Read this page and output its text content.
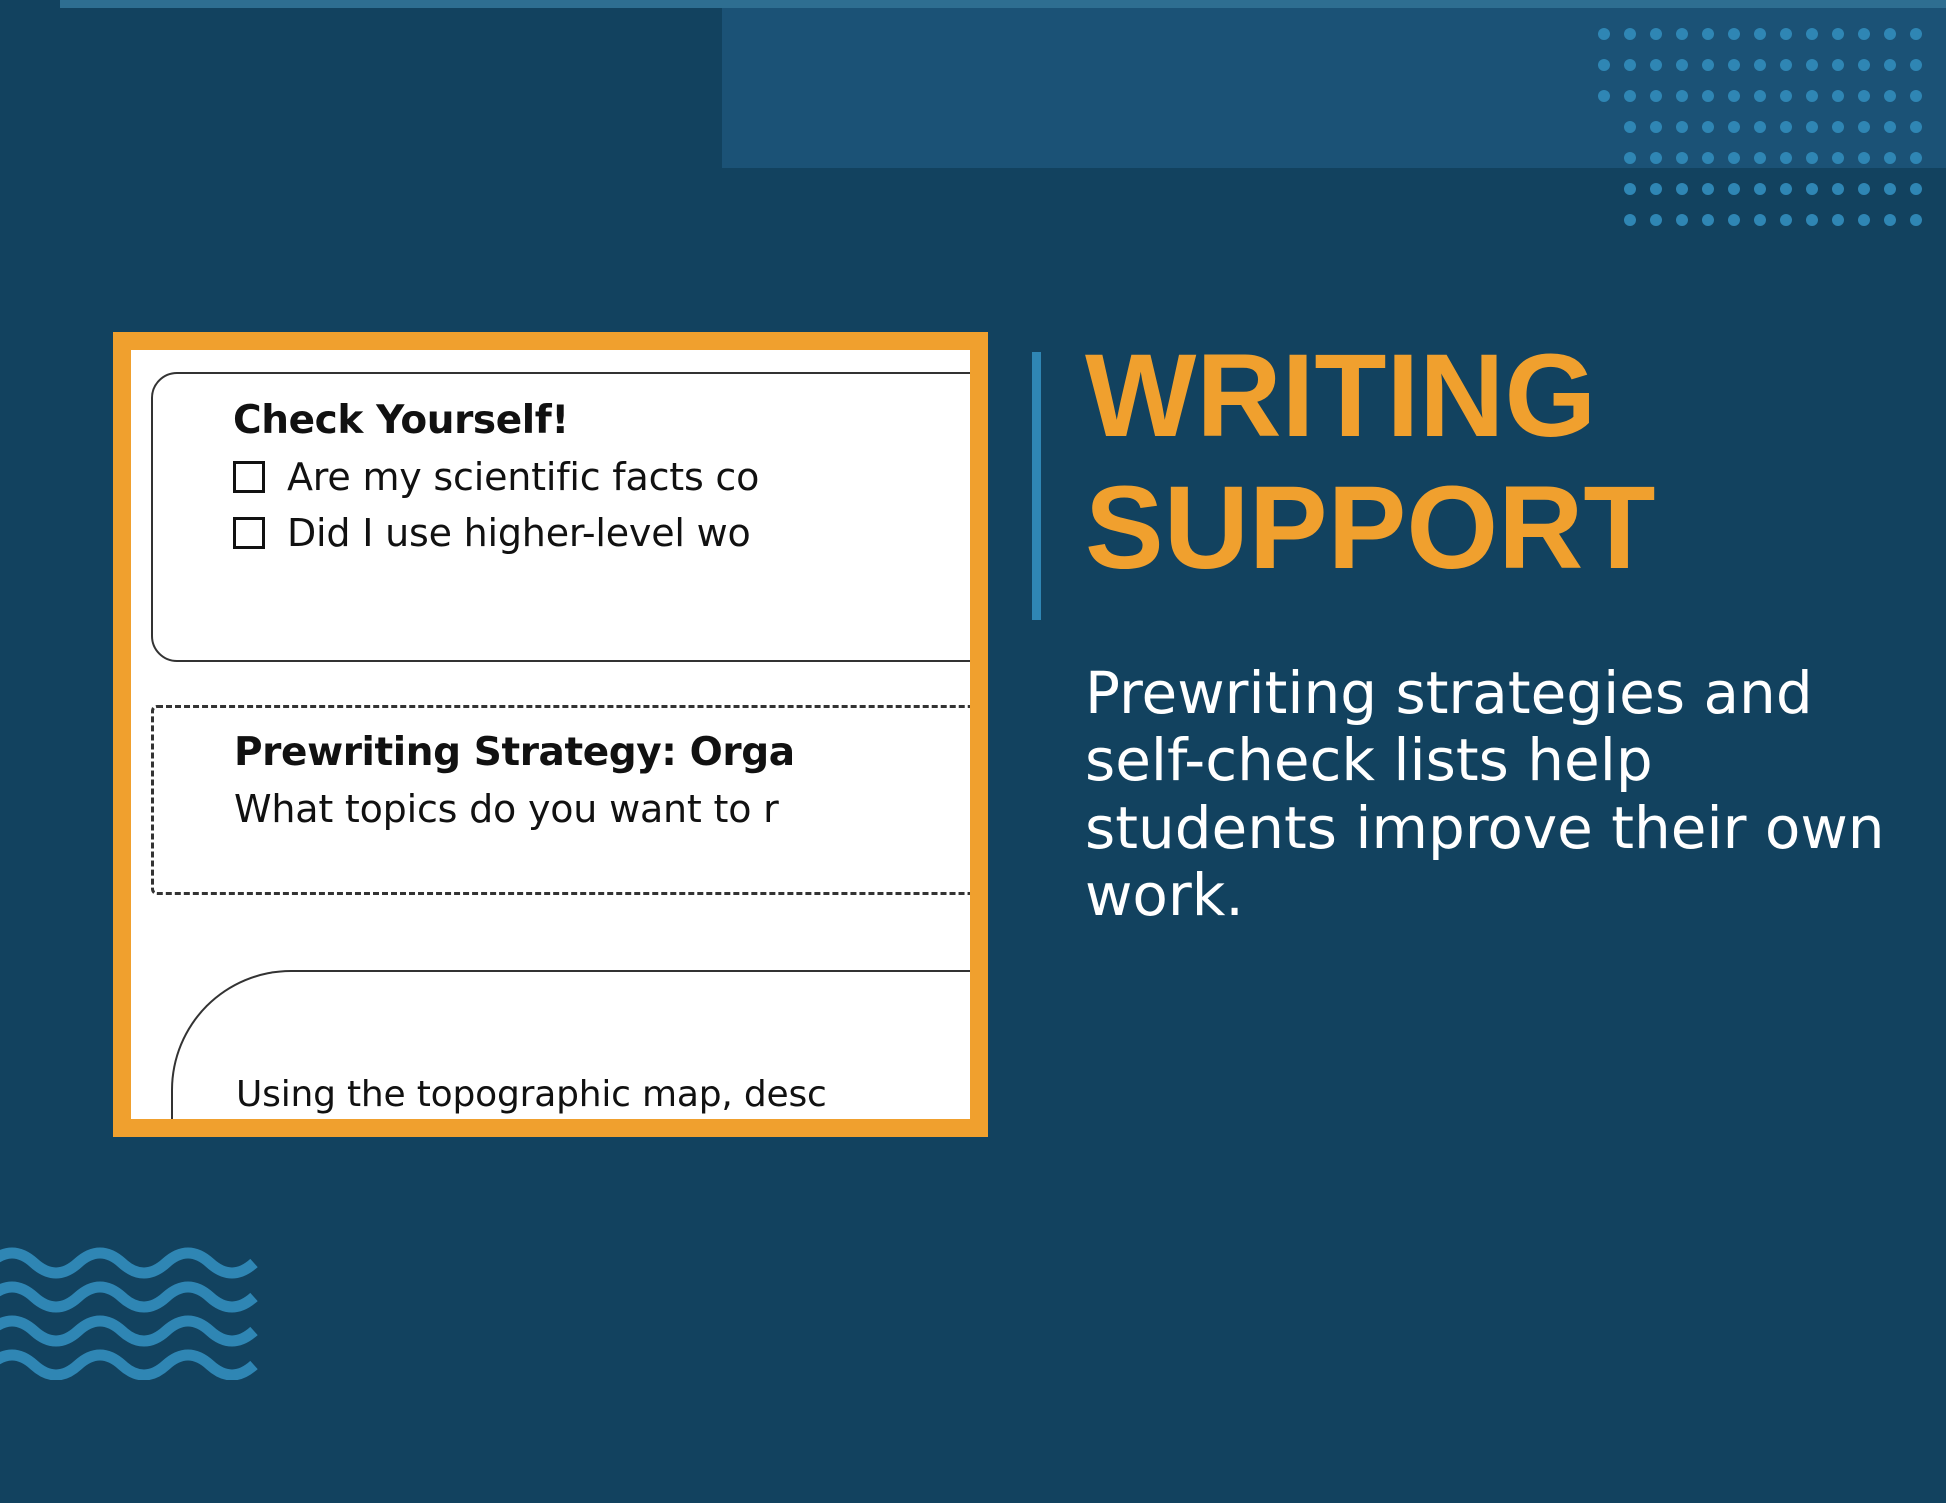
Check Yourself!
Are my scientific facts co
Did I use higher-level wo
Prewriting Strategy: Orga
What topics do you want to r
Using the topographic map, desc
WRITING
SUPPORT
Prewriting strategies and self-check lists help students improve their own work.
